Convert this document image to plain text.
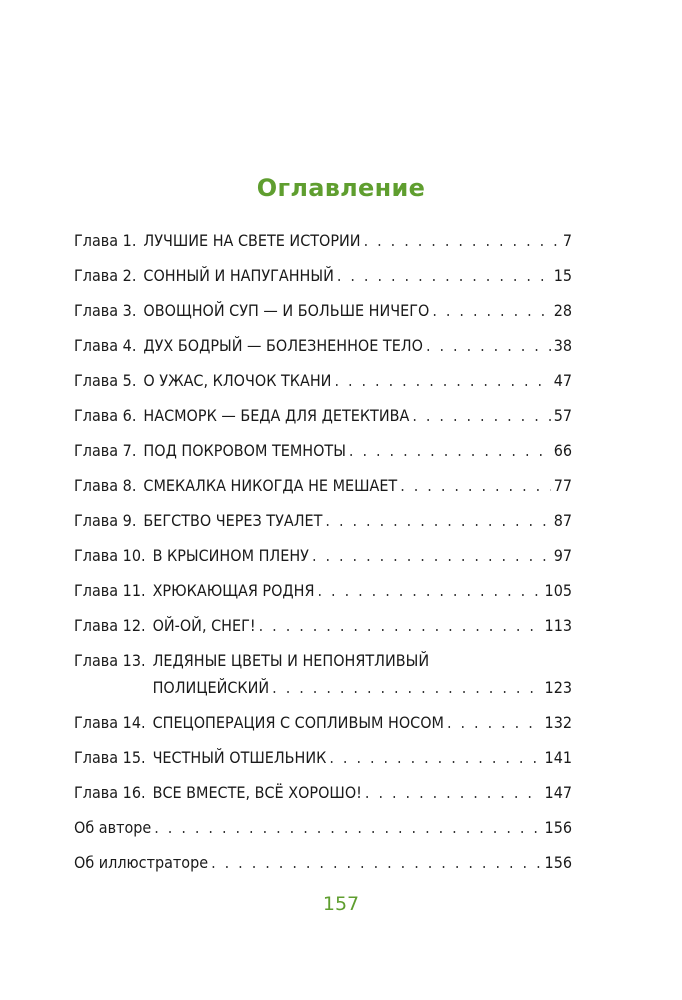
Оглавление
Глава 1. ЛУЧШИЕ НА СВЕТЕ ИСТОРИИ . . .	7
Глава 2. СОННЫЙ И НАПУГАННЫЙ . . .	15
Глава 3. ОВОЩНОЙ СУП — И БОЛЬШЕ НИЧЕГО . . .	28
Глава 4. ДУХ БОДРЫЙ — БОЛЕЗНЕННОЕ ТЕЛО . . .	38
Глава 5. О УЖАС, КЛОЧОК ТКАНИ . . .	47
Глава 6. НАСМОРК — БЕДА ДЛЯ ДЕТЕКТИВА . . .	57
Глава 7. ПОД ПОКРОВОМ ТЕМНОТЫ . . .	66
Глава 8. СМЕКАЛКА НИКОГДА НЕ МЕШАЕТ . . .	77
Глава 9. БЕГСТВО ЧЕРЕЗ ТУАЛЕТ . . .	87
Глава 10. В КРЫСИНОМ ПЛЕНУ . . .	97
Глава 11. ХРЮКАЮЩАЯ РОДНЯ . . .	105
Глава 12. ОЙ-ОЙ, СНЕГ! . . .	113
Глава 13. ЛЕДЯНЫЕ ЦВЕТЫ И НЕПОНЯТЛИВЫЙ
ПОЛИЦЕЙСКИЙ . . .	123
Глава 14. СПЕЦОПЕРАЦИЯ С СОПЛИВЫМ НОСОМ . . .	132
Глава 15. ЧЕСТНЫЙ ОТШЕЛЬНИК . . .	141
Глава 16. ВСЕ ВМЕСТЕ, ВСЁ ХОРОШО! . . .	147
Об авторе . . .	156
Об иллюстраторе . . .	156
157
